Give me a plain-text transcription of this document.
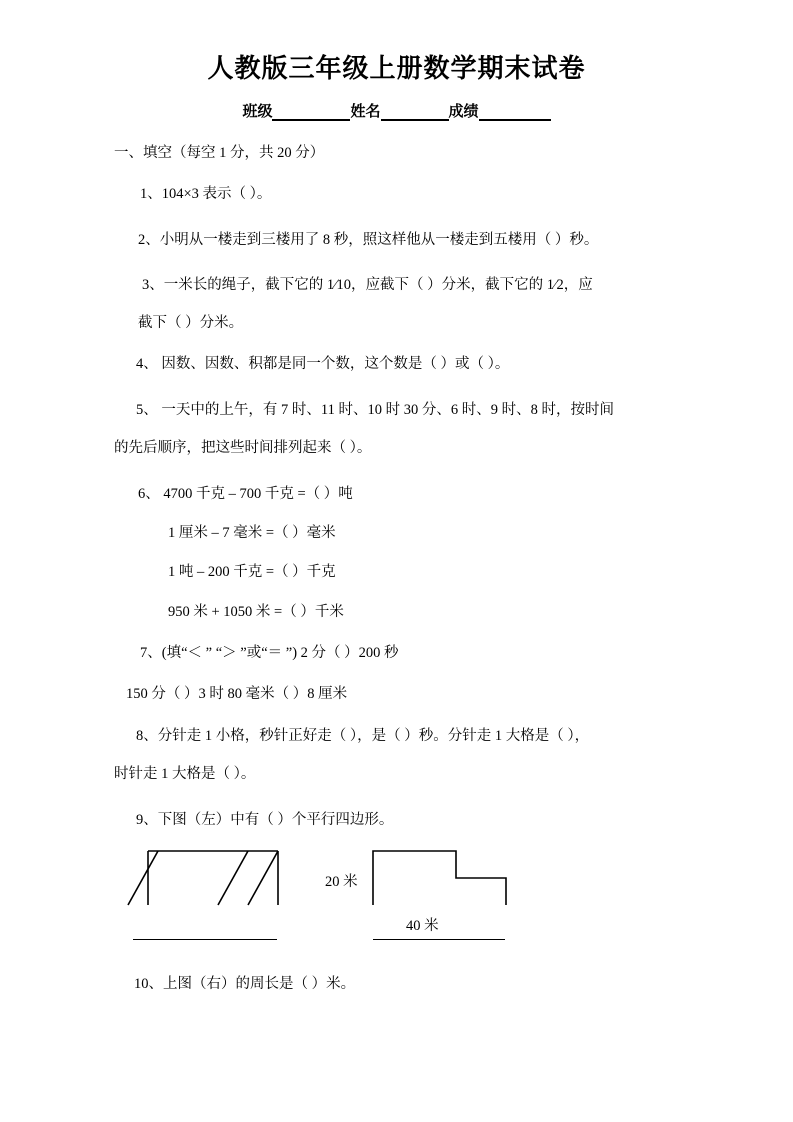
人教版三年级上册数学期末试卷
班级	姓名	成绩
一、填空（每空 1 分，共 20 分）
1、104×3 表示（ ）。
2、小明从一楼走到三楼用了 8 秒，照这样他从一楼走到五楼用（ ）秒。
3、一米长的绳子，截下它的 1⁄10，应截下（ ）分米，截下它的 1⁄2，应
截下（ ）分米。
4、 因数、因数、积都是同一个数，这个数是（ ）或（ ）。
5、 一天中的上午，有 7 时、11 时、10 时 30 分、6 时、9 时、8 时，按时间
的先后顺序，把这些时间排列起来（ ）。
6、 4700 千克 – 700 千克 =（ ）吨
1 厘米 – 7 毫米 =（ ）毫米
1 吨 – 200 千克 =（ ）千克
950 米 + 1050 米 =（ ）千米
7、(填“＜ ” “＞ ”或“＝ ”) 2 分（ ）200 秒
150 分（ ）3 时 80 毫米（ ）8 厘米
8、分针走 1 小格，秒针正好走（ ），是（ ）秒。分针走 1 大格是（ ），
时针走 1 大格是（ ）。
9、下图（左）中有（ ）个平行四边形。
10、上图（右）的周长是（ ）米。
20 米
40 米
